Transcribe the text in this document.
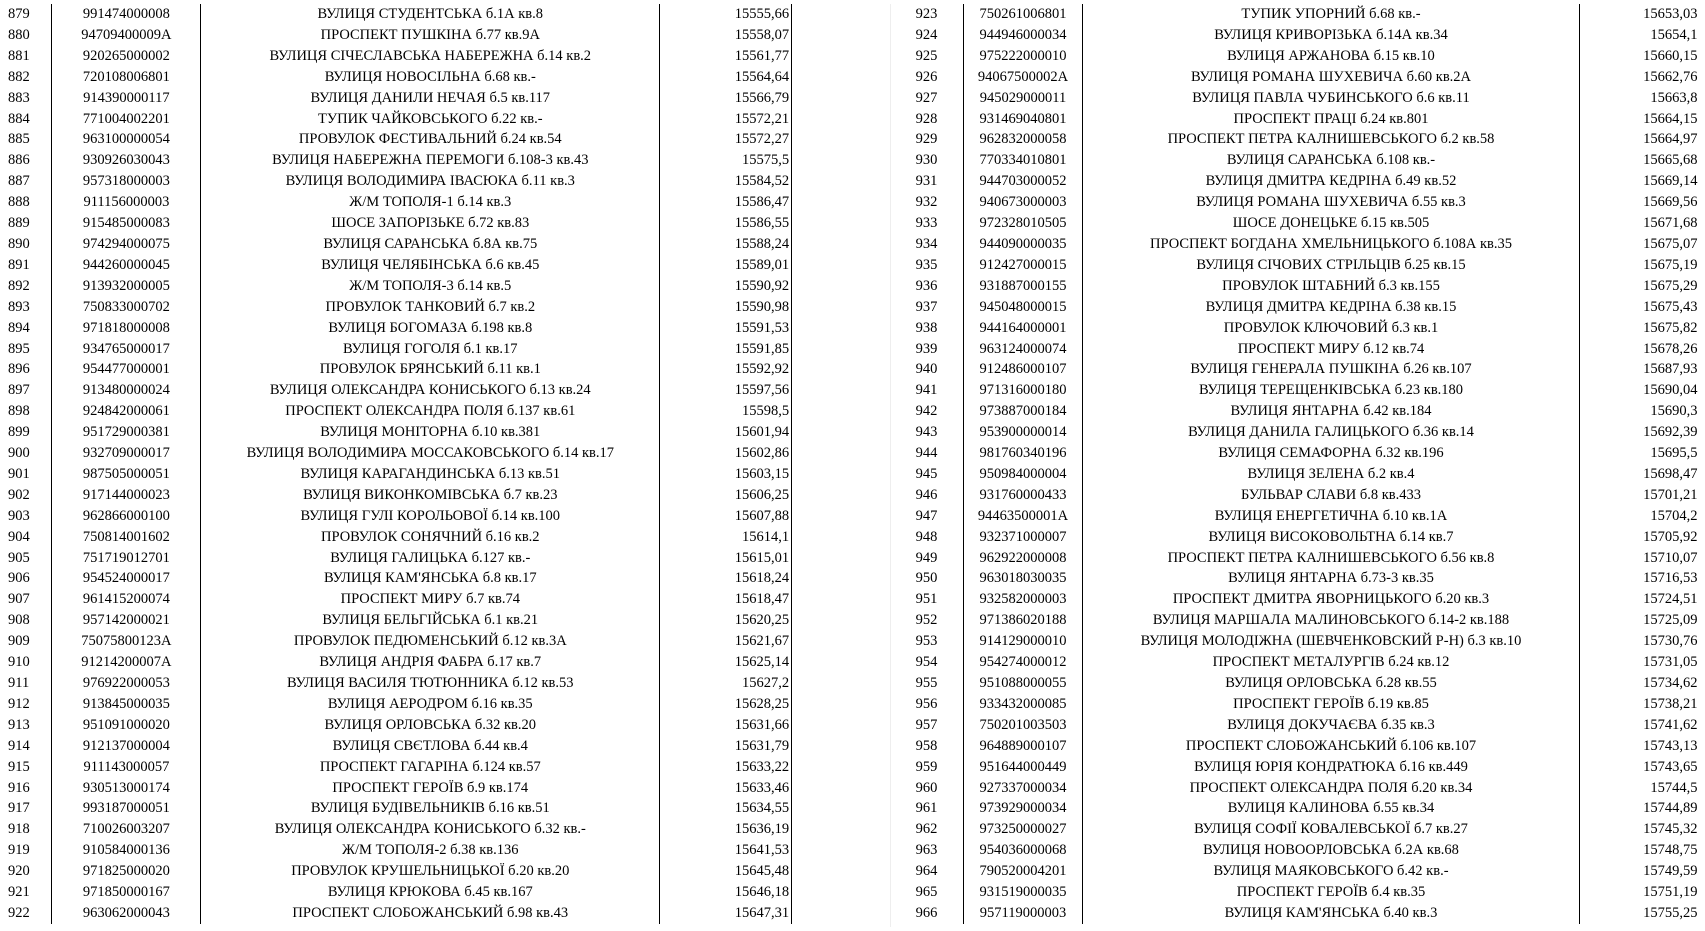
879	991474000008	ВУЛИЦЯ СТУДЕНТСЬКА б.1А кв.8	15555,66	
880	94709400009А	ПРОСПЕКТ ПУШКІНА б.77 кв.9А	15558,07	
881	920265000002	ВУЛИЦЯ СІЧЕСЛАВСЬКА НАБЕРЕЖНА б.14 кв.2	15561,77	
882	720108006801	ВУЛИЦЯ НОВОСІЛЬНА б.68 кв.-	15564,64	
883	914390000117	ВУЛИЦЯ ДАНИЛИ НЕЧАЯ б.5 кв.117	15566,79	
884	771004002201	ТУПИК ЧАЙКОВСЬКОГО б.22 кв.-	15572,21	
885	963100000054	ПРОВУЛОК ФЕСТИВАЛЬНИЙ б.24 кв.54	15572,27	
886	930926030043	ВУЛИЦЯ НАБЕРЕЖНА ПЕРЕМОГИ б.108-3 кв.43	15575,5	
887	957318000003	ВУЛИЦЯ ВОЛОДИМИРА ІВАСЮКА б.11 кв.3	15584,52	
888	911156000003	Ж/М ТОПОЛЯ-1 б.14 кв.3	15586,47	
889	915485000083	ШОСЕ ЗАПОРІЗЬКЕ б.72 кв.83	15586,55	
890	974294000075	ВУЛИЦЯ САРАНСЬКА б.8А кв.75	15588,24	
891	944260000045	ВУЛИЦЯ ЧЕЛЯБІНСЬКА б.6 кв.45	15589,01	
892	913932000005	Ж/М ТОПОЛЯ-3 б.14 кв.5	15590,92	
893	750833000702	ПРОВУЛОК ТАНКОВИЙ б.7 кв.2	15590,98	
894	971818000008	ВУЛИЦЯ БОГОМАЗА б.198 кв.8	15591,53	
895	934765000017	ВУЛИЦЯ ГОГОЛЯ б.1 кв.17	15591,85	
896	954477000001	ПРОВУЛОК БРЯНСЬКИЙ б.11 кв.1	15592,92	
897	913480000024	ВУЛИЦЯ ОЛЕКСАНДРА КОНИСЬКОГО б.13 кв.24	15597,56	
898	924842000061	ПРОСПЕКТ ОЛЕКСАНДРА ПОЛЯ б.137 кв.61	15598,5	
899	951729000381	ВУЛИЦЯ МОНІТОРНА б.10 кв.381	15601,94	
900	932709000017	ВУЛИЦЯ ВОЛОДИМИРА МОССАКОВСЬКОГО б.14 кв.17	15602,86	
901	987505000051	ВУЛИЦЯ КАРАГАНДИНСЬКА б.13 кв.51	15603,15	
902	917144000023	ВУЛИЦЯ ВИКОНКОМІВСЬКА б.7 кв.23	15606,25	
903	962866000100	ВУЛИЦЯ ГУЛІ КОРОЛЬОВОЇ б.14 кв.100	15607,88	
904	750814001602	ПРОВУЛОК СОНЯЧНИЙ б.16 кв.2	15614,1	
905	751719012701	ВУЛИЦЯ ГАЛИЦЬКА б.127 кв.-	15615,01	
906	954524000017	ВУЛИЦЯ КАМ'ЯНСЬКА б.8 кв.17	15618,24	
907	961415200074	ПРОСПЕКТ МИРУ б.7 кв.74	15618,47	
908	957142000021	ВУЛИЦЯ БЕЛЬГІЙСЬКА б.1 кв.21	15620,25	
909	75075800123А	ПРОВУЛОК ПЕДЮМЕНСЬКИЙ б.12 кв.3А	15621,67	
910	91214200007А	ВУЛИЦЯ АНДРІЯ ФАБРА б.17 кв.7	15625,14	
911	976922000053	ВУЛИЦЯ ВАСИЛЯ ТЮТЮННИКА б.12 кв.53	15627,2	
912	913845000035	ВУЛИЦЯ АЕРОДРОМ б.16 кв.35	15628,25	
913	951091000020	ВУЛИЦЯ ОРЛОВСЬКА б.32 кв.20	15631,66	
914	912137000004	ВУЛИЦЯ СВЄТЛОВА б.44 кв.4	15631,79	
915	911143000057	ПРОСПЕКТ ГАГАРІНА б.124 кв.57	15633,22	
916	930513000174	ПРОСПЕКТ ГЕРОЇВ б.9 кв.174	15633,46	
917	993187000051	ВУЛИЦЯ БУДІВЕЛЬНИКІВ б.16 кв.51	15634,55	
918	710026003207	ВУЛИЦЯ ОЛЕКСАНДРА КОНИСЬКОГО б.32 кв.-	15636,19	
919	910584000136	Ж/М ТОПОЛЯ-2 б.38 кв.136	15641,53	
920	971825000020	ПРОВУЛОК КРУШЕЛЬНИЦЬКОЇ б.20 кв.20	15645,48	
921	971850000167	ВУЛИЦЯ КРЮКОВА б.45 кв.167	15646,18	
922	963062000043	ПРОСПЕКТ СЛОБОЖАНСЬКИЙ б.98 кв.43	15647,31	
923	750261006801	ТУПИК УПОРНИЙ б.68 кв.-	15653,03
924	944946000034	ВУЛИЦЯ КРИВОРІЗЬКА б.14А кв.34	15654,1
925	975222000010	ВУЛИЦЯ АРЖАНОВА б.15 кв.10	15660,15
926	94067500002А	ВУЛИЦЯ РОМАНА ШУХЕВИЧА б.60 кв.2А	15662,76
927	945029000011	ВУЛИЦЯ ПАВЛА ЧУБИНСЬКОГО б.6 кв.11	15663,8
928	931469040801	ПРОСПЕКТ ПРАЦІ б.24 кв.801	15664,15
929	962832000058	ПРОСПЕКТ ПЕТРА КАЛНИШЕВСЬКОГО б.2 кв.58	15664,97
930	770334010801	ВУЛИЦЯ САРАНСЬКА б.108 кв.-	15665,68
931	944703000052	ВУЛИЦЯ ДМИТРА КЕДРІНА б.49 кв.52	15669,14
932	940673000003	ВУЛИЦЯ РОМАНА ШУХЕВИЧА б.55 кв.3	15669,56
933	972328010505	ШОСЕ ДОНЕЦЬКЕ б.15 кв.505	15671,68
934	944090000035	ПРОСПЕКТ БОГДАНА ХМЕЛЬНИЦЬКОГО б.108А кв.35	15675,07
935	912427000015	ВУЛИЦЯ СІЧОВИХ СТРІЛЬЦІВ б.25 кв.15	15675,19
936	931887000155	ПРОВУЛОК ШТАБНИЙ б.3 кв.155	15675,29
937	945048000015	ВУЛИЦЯ ДМИТРА КЕДРІНА б.38 кв.15	15675,43
938	944164000001	ПРОВУЛОК КЛЮЧОВИЙ б.3 кв.1	15675,82
939	963124000074	ПРОСПЕКТ МИРУ б.12 кв.74	15678,26
940	912486000107	ВУЛИЦЯ ГЕНЕРАЛА ПУШКІНА б.26 кв.107	15687,93
941	971316000180	ВУЛИЦЯ ТЕРЕЩЕНКІВСЬКА б.23 кв.180	15690,04
942	973887000184	ВУЛИЦЯ ЯНТАРНА б.42 кв.184	15690,3
943	953900000014	ВУЛИЦЯ ДАНИЛА ГАЛИЦЬКОГО б.36 кв.14	15692,39
944	981760340196	ВУЛИЦЯ СЕМАФОРНА б.32 кв.196	15695,5
945	950984000004	ВУЛИЦЯ ЗЕЛЕНА б.2 кв.4	15698,47
946	931760000433	БУЛЬВАР СЛАВИ б.8 кв.433	15701,21
947	94463500001А	ВУЛИЦЯ ЕНЕРГЕТИЧНА б.10 кв.1А	15704,2
948	932371000007	ВУЛИЦЯ ВИСОКОВОЛЬТНА б.14 кв.7	15705,92
949	962922000008	ПРОСПЕКТ ПЕТРА КАЛНИШЕВСЬКОГО б.56 кв.8	15710,07
950	963018030035	ВУЛИЦЯ ЯНТАРНА б.73-3 кв.35	15716,53
951	932582000003	ПРОСПЕКТ ДМИТРА ЯВОРНИЦЬКОГО б.20 кв.3	15724,51
952	971386020188	ВУЛИЦЯ МАРШАЛА МАЛИНОВСЬКОГО б.14-2 кв.188	15725,09
953	914129000010	ВУЛИЦЯ МОЛОДІЖНА (ШЕВЧЕНКОВСКИЙ Р-Н) б.3 кв.10	15730,76
954	954274000012	ПРОСПЕКТ МЕТАЛУРГІВ б.24 кв.12	15731,05
955	951088000055	ВУЛИЦЯ ОРЛОВСЬКА б.28 кв.55	15734,62
956	933432000085	ПРОСПЕКТ ГЕРОЇВ б.19 кв.85	15738,21
957	750201003503	ВУЛИЦЯ ДОКУЧАЄВА б.35 кв.3	15741,62
958	964889000107	ПРОСПЕКТ СЛОБОЖАНСЬКИЙ б.106 кв.107	15743,13
959	951644000449	ВУЛИЦЯ ЮРІЯ КОНДРАТЮКА б.16 кв.449	15743,65
960	927337000034	ПРОСПЕКТ ОЛЕКСАНДРА ПОЛЯ б.20 кв.34	15744,5
961	973929000034	ВУЛИЦЯ КАЛИНОВА б.55 кв.34	15744,89
962	973250000027	ВУЛИЦЯ СОФІЇ КОВАЛЕВСЬКОЇ б.7 кв.27	15745,32
963	954036000068	ВУЛИЦЯ НОВООРЛОВСЬКА б.2А кв.68	15748,75
964	790520004201	ВУЛИЦЯ МАЯКОВСЬКОГО б.42 кв.-	15749,59
965	931519000035	ПРОСПЕКТ ГЕРОЇВ б.4 кв.35	15751,19
966	957119000003	ВУЛИЦЯ КАМ'ЯНСЬКА б.40 кв.3	15755,25
